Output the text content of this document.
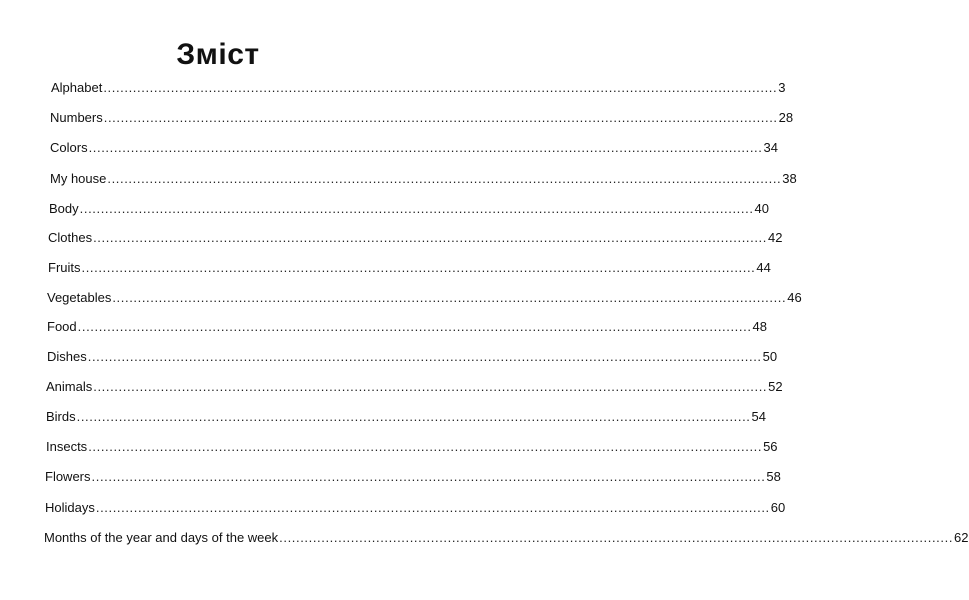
Зміст
Alphabet ................................................................................................................................................................ 3
Numbers ................................................................................................................................................................ 28
Colors ................................................................................................................................................................ 34
My house ................................................................................................................................................................ 38
Body ................................................................................................................................................................ 40
Clothes ................................................................................................................................................................ 42
Fruits ................................................................................................................................................................ 44
Vegetables ................................................................................................................................................................ 46
Food ................................................................................................................................................................ 48
Dishes ................................................................................................................................................................ 50
Animals ................................................................................................................................................................ 52
Birds ................................................................................................................................................................ 54
Insects ................................................................................................................................................................ 56
Flowers ................................................................................................................................................................ 58
Holidays ................................................................................................................................................................ 60
Months of the year and days of the week ................................................................................................................................................................ 62
